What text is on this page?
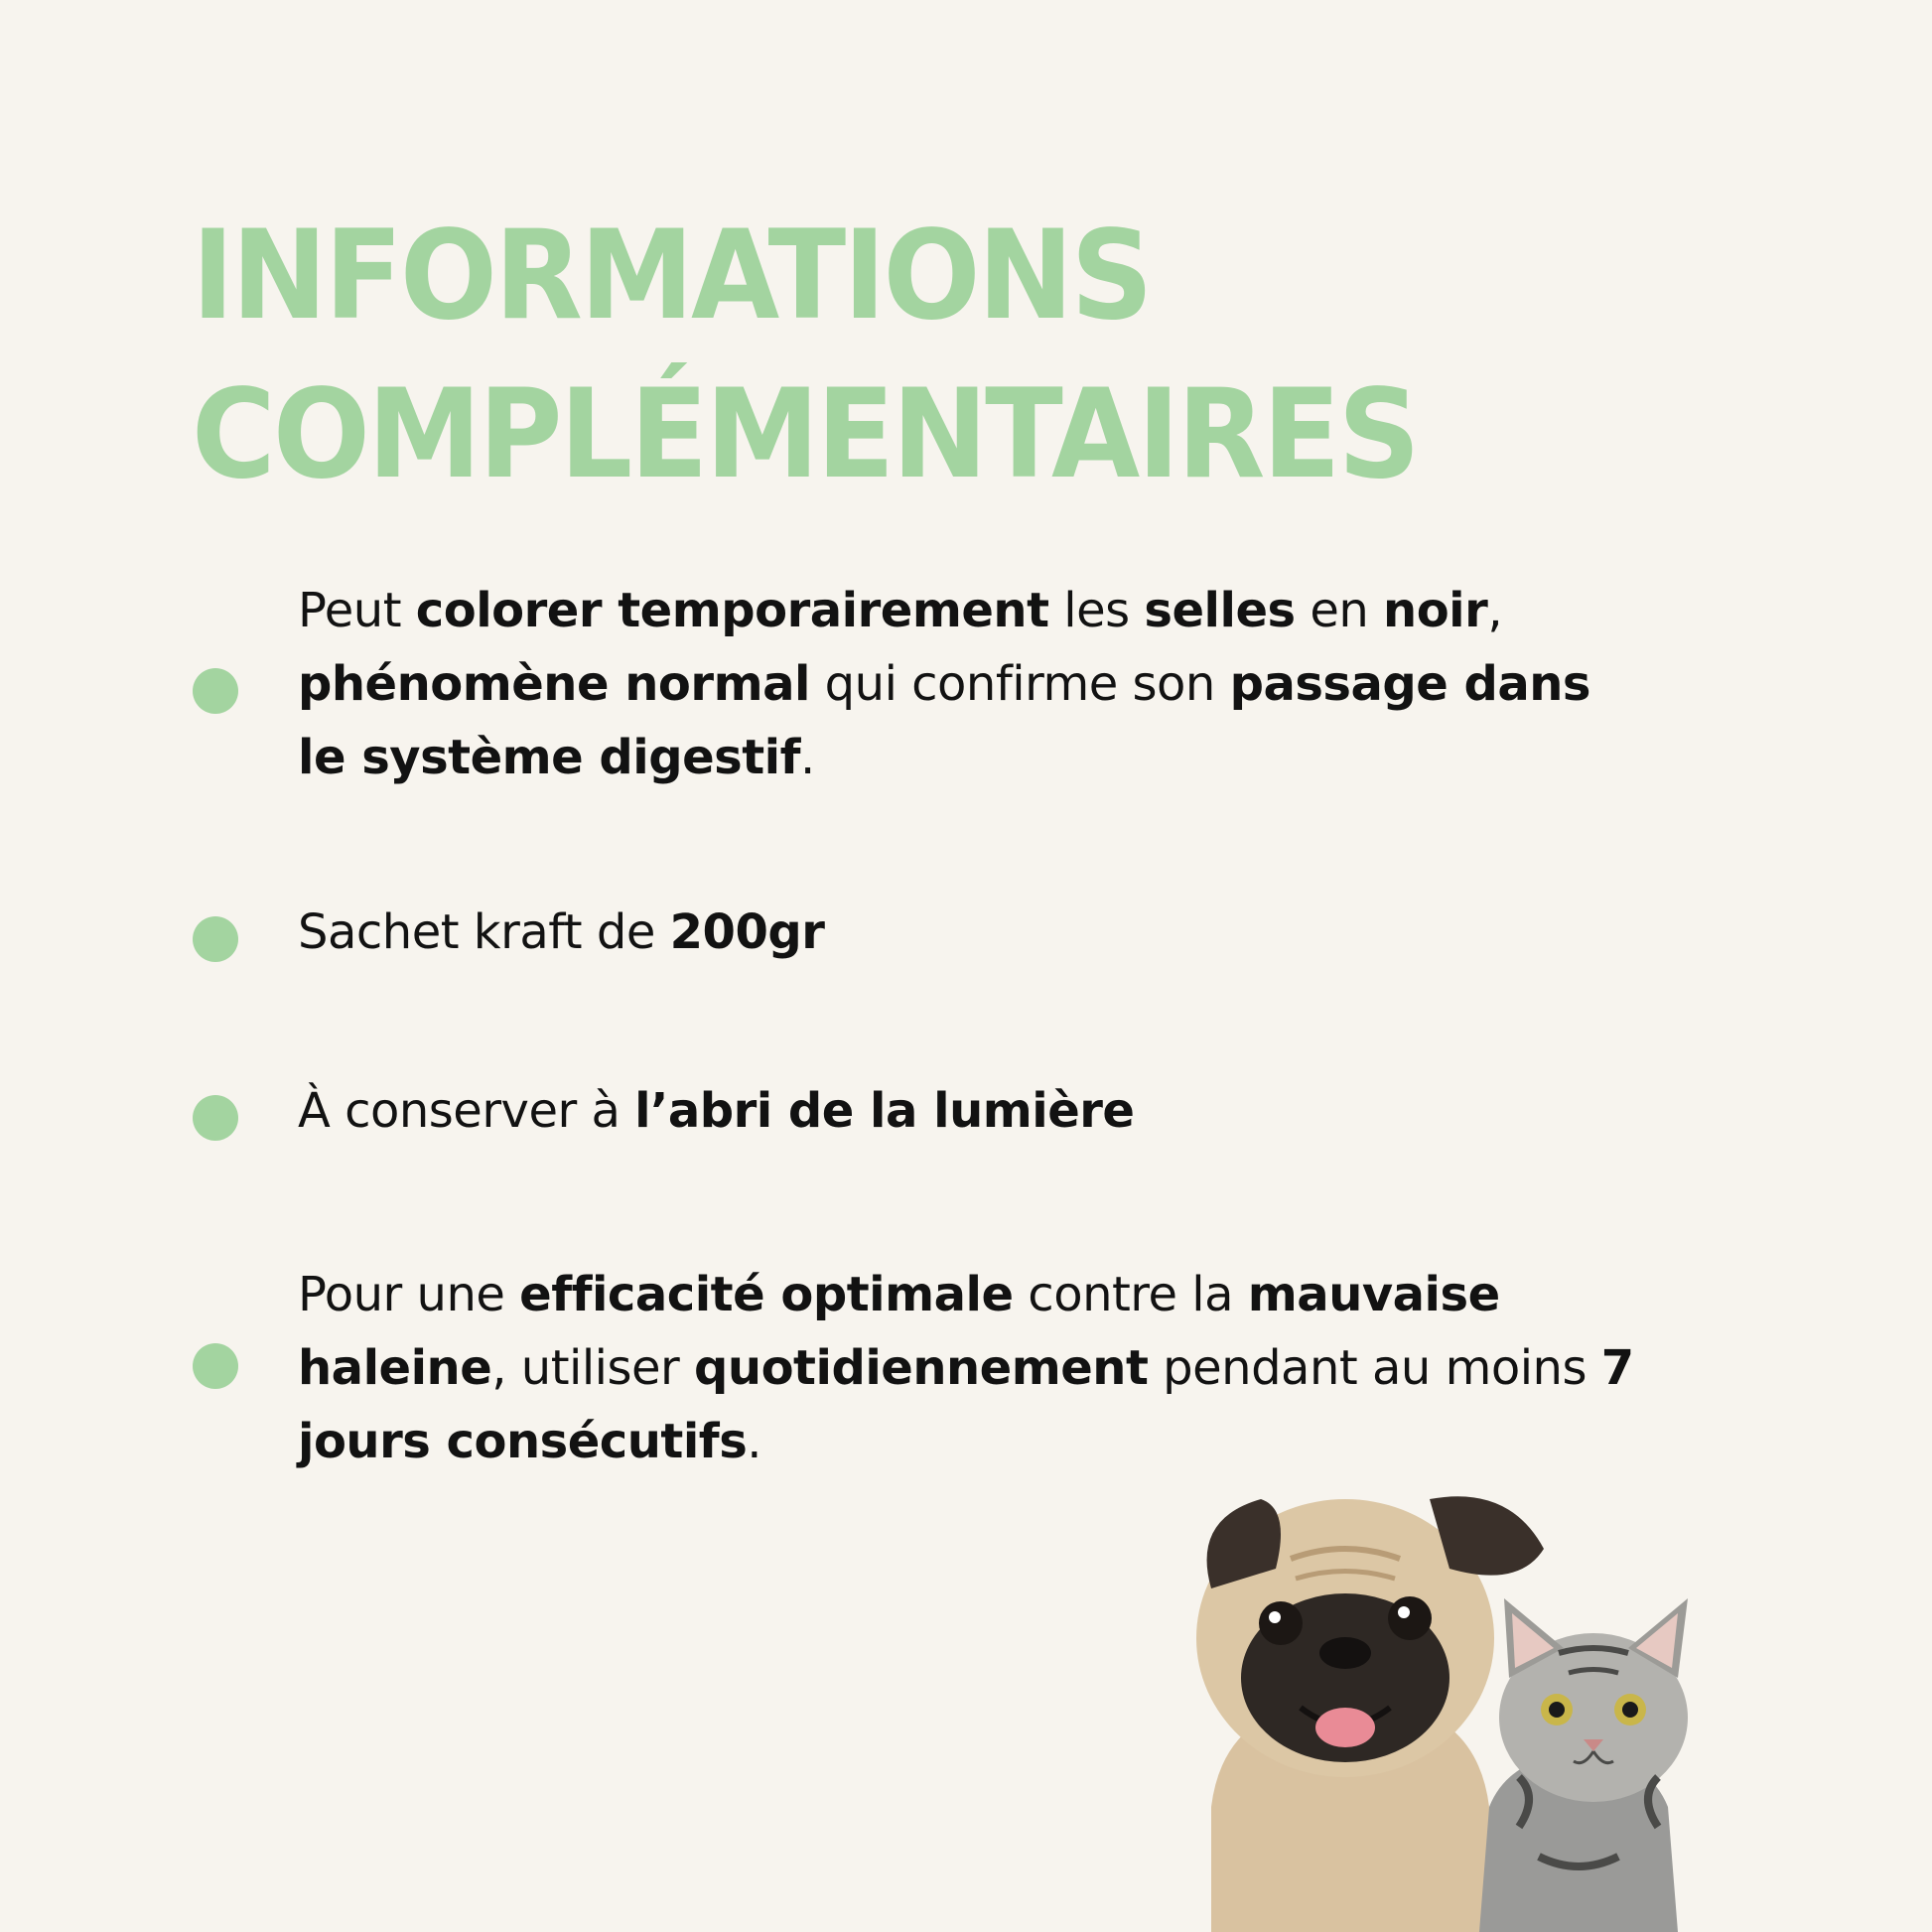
INFORMATIONS
COMPLÉMENTAIRES
Peut colorer temporairement les selles en noir,
phénomène normal qui confirme son passage dans
le système digestif.
Sachet kraft de 200gr
À conserver à l’abri de la lumière
Pour une efficacité optimale contre la mauvaise
haleine, utiliser quotidiennement pendant au moins 7
jours consécutifs.
